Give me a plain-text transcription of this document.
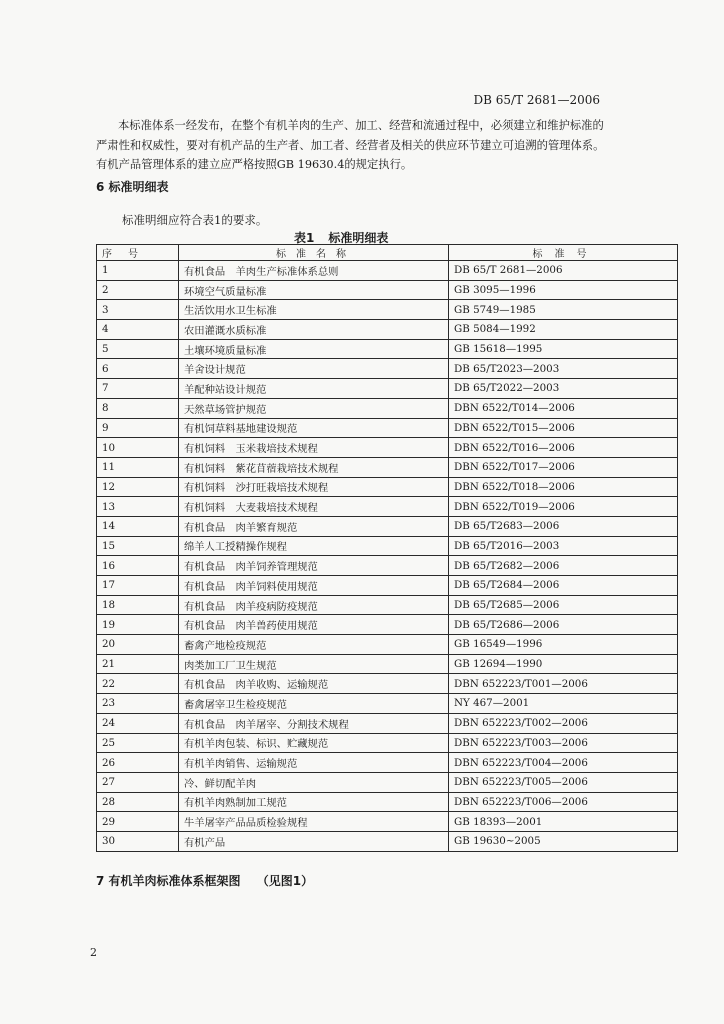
DB 65/T 2681—2006

本标准体系一经发布，在整个有机羊肉的生产、加工、经营和流通过程中，必须建立和维护标准的
严肃性和权威性，要对有机产品的生产者、加工者、经营者及相关的供应环节建立可追溯的管理体系。
有机产品管理体系的建立应严格按照GB 19630.4的规定执行。

6 标准明细表
标准明细应符合表1的要求。
表1 标准明细表
序号	标准名称	标准号
1	有机食品　羊肉生产标准体系总则	DB 65/T 2681—2006
2	环境空气质量标准	GB 3095—1996
3	生活饮用水卫生标准	GB 5749—1985
4	农田灌溉水质标准	GB 5084—1992
5	土壤环境质量标准	GB 15618—1995
6	羊舍设计规范	DB 65/T2023—2003
7	羊配种站设计规范	DB 65/T2022—2003
8	天然草场管护规范	DBN 6522/T014—2006
9	有机饲草料基地建设规范	DBN 6522/T015—2006
10	有机饲料　玉米栽培技术规程	DBN 6522/T016—2006
11	有机饲料　紫花苜蓿栽培技术规程	DBN 6522/T017—2006
12	有机饲料　沙打旺栽培技术规程	DBN 6522/T018—2006
13	有机饲料　大麦栽培技术规程	DBN 6522/T019—2006
14	有机食品　肉羊繁育规范	DB 65/T2683—2006
15	绵羊人工授精操作规程	DB 65/T2016—2003
16	有机食品　肉羊饲养管理规范	DB 65/T2682—2006
17	有机食品　肉羊饲料使用规范	DB 65/T2684—2006
18	有机食品　肉羊疫病防疫规范	DB 65/T2685—2006
19	有机食品　肉羊兽药使用规范	DB 65/T2686—2006
20	畜禽产地检疫规范	GB 16549—1996
21	肉类加工厂卫生规范	GB 12694—1990
22	有机食品　肉羊收购、运输规范	DBN 652223/T001—2006
23	畜禽屠宰卫生检疫规范	NY 467—2001
24	有机食品　肉羊屠宰、分割技术规程	DBN 652223/T002—2006
25	有机羊肉包装、标识、贮藏规范	DBN 652223/T003—2006
26	有机羊肉销售、运输规范	DBN 652223/T004—2006
27	冷、鲜切配羊肉	DBN 652223/T005—2006
28	有机羊肉熟制加工规范	DBN 652223/T006—2006
29	牛羊屠宰产品品质检验规程	GB 18393—2001
30	有机产品	GB 19630~2005
7 有机羊肉标准体系框架图 （见图1）
2
